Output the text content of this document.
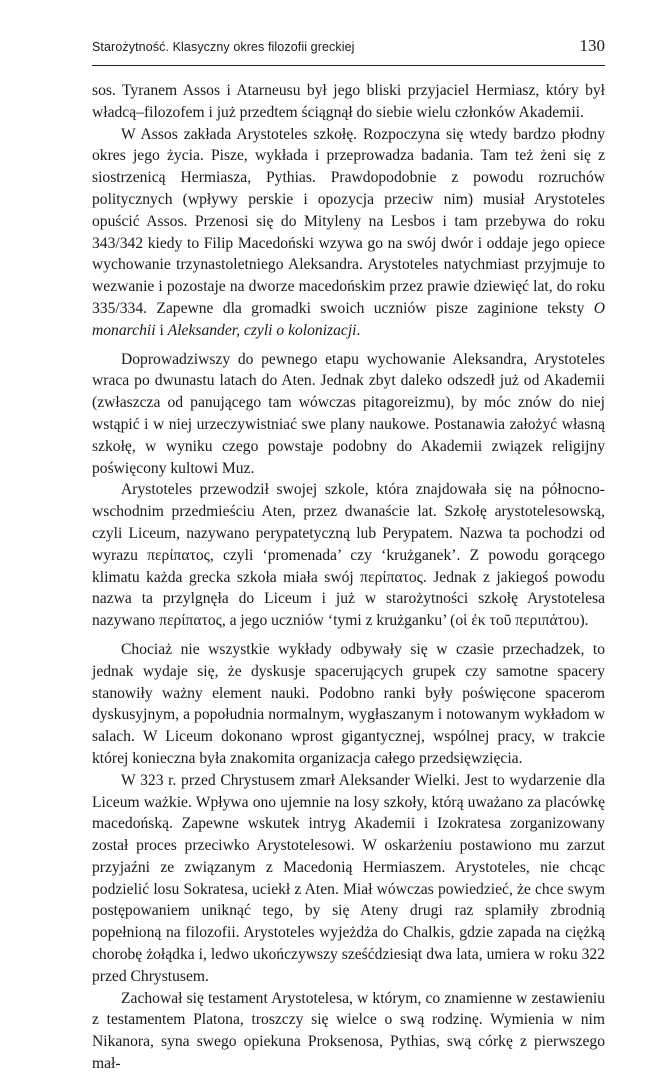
Starożytność. Klasyczny okres filozofii greckiej	130

sos. Tyranem Assos i Atarneusu był jego bliski przyjaciel Hermiasz, który był władcą–filozofem i już przedtem ściągnął do siebie wielu członków Akademii.

W Assos zakłada Arystoteles szkołę. Rozpoczyna się wtedy bardzo płodny okres jego życia. Pisze, wykłada i przeprowadza badania. Tam też żeni się z siostrzenicą Hermiasza, Pythias. Prawdopodobnie z powodu rozruchów politycznych (wpływy perskie i opozycja przeciw nim) musiał Arystoteles opuścić Assos. Przenosi się do Mityleny na Lesbos i tam przebywa do roku 343/342 kiedy to Filip Macedoński wzywa go na swój dwór i oddaje jego opiece wychowanie trzynastoletniego Aleksandra. Arystoteles natychmiast przyjmuje to wezwanie i pozostaje na dworze macedońskim przez prawie dziewięć lat, do roku 335/334. Zapewne dla gromadki swoich uczniów pisze zaginione teksty O monarchii i Aleksander, czyli o kolonizacji.

Doprowadziwszy do pewnego etapu wychowanie Aleksandra, Arystoteles wraca po dwunastu latach do Aten. Jednak zbyt daleko odszedł już od Akademii (zwłaszcza od panującego tam wówczas pitagoreizmu), by móc znów do niej wstąpić i w niej urzeczywistniać swe plany naukowe. Postanawia założyć własną szkołę, w wyniku czego powstaje podobny do Akademii związek religijny poświęcony kultowi Muz.

Arystoteles przewodził swojej szkole, która znajdowała się na północno-wschodnim przedmieściu Aten, przez dwanaście lat. Szkołę arystotelesowską, czyli Liceum, nazywano perypatetyczną lub Perypatem. Nazwa ta pochodzi od wyrazu περίπατος, czyli ‘promenada’ czy ‘krużganek’. Z powodu gorącego klimatu każda grecka szkoła miała swój περίπατος. Jednak z jakiegoś powodu nazwa ta przylgnęła do Liceum i już w starożytności szkołę Arystotelesa nazywano περίπατος, a jego uczniów ‘tymi z krużganku’ (οἱ ἐκ τοῦ περιπάτου).

Chociaż nie wszystkie wykłady odbywały się w czasie przechadzek, to jednak wydaje się, że dyskusje spacerujących grupek czy samotne spacery stanowiły ważny element nauki. Podobno ranki były poświęcone spacerom dyskusyjnym, a popołudnia normalnym, wygłaszanym i notowanym wykładom w salach. W Liceum dokonano wprost gigantycznej, wspólnej pracy, w trakcie której konieczna była znakomita organizacja całego przedsięwzięcia.

W 323 r. przed Chrystusem zmarł Aleksander Wielki. Jest to wydarzenie dla Liceum ważkie. Wpływa ono ujemnie na losy szkoły, którą uważano za placówkę macedońską. Zapewne wskutek intryg Akademii i Izokratesa zorganizowany został proces przeciwko Arystotelesowi. W oskarżeniu postawiono mu zarzut przyjaźni ze związanym z Macedonią Hermiaszem. Arystoteles, nie chcąc podzielić losu Sokratesa, uciekł z Aten. Miał wówczas powiedzieć, że chce swym postępowaniem uniknąć tego, by się Ateny drugi raz splamiły zbrodnią popełnioną na filozofii. Arystoteles wyjeżdża do Chalkis, gdzie zapada na ciężką chorobę żołądka i, ledwo ukończywszy sześćdziesiąt dwa lata, umiera w roku 322 przed Chrystusem.

Zachował się testament Arystotelesa, w którym, co znamienne w zestawieniu z testamentem Platona, troszczy się wielce o swą rodzinę. Wymienia w nim Nikanora, syna swego opiekuna Proksenosa, Pythias, swą córkę z pierwszego mał-
